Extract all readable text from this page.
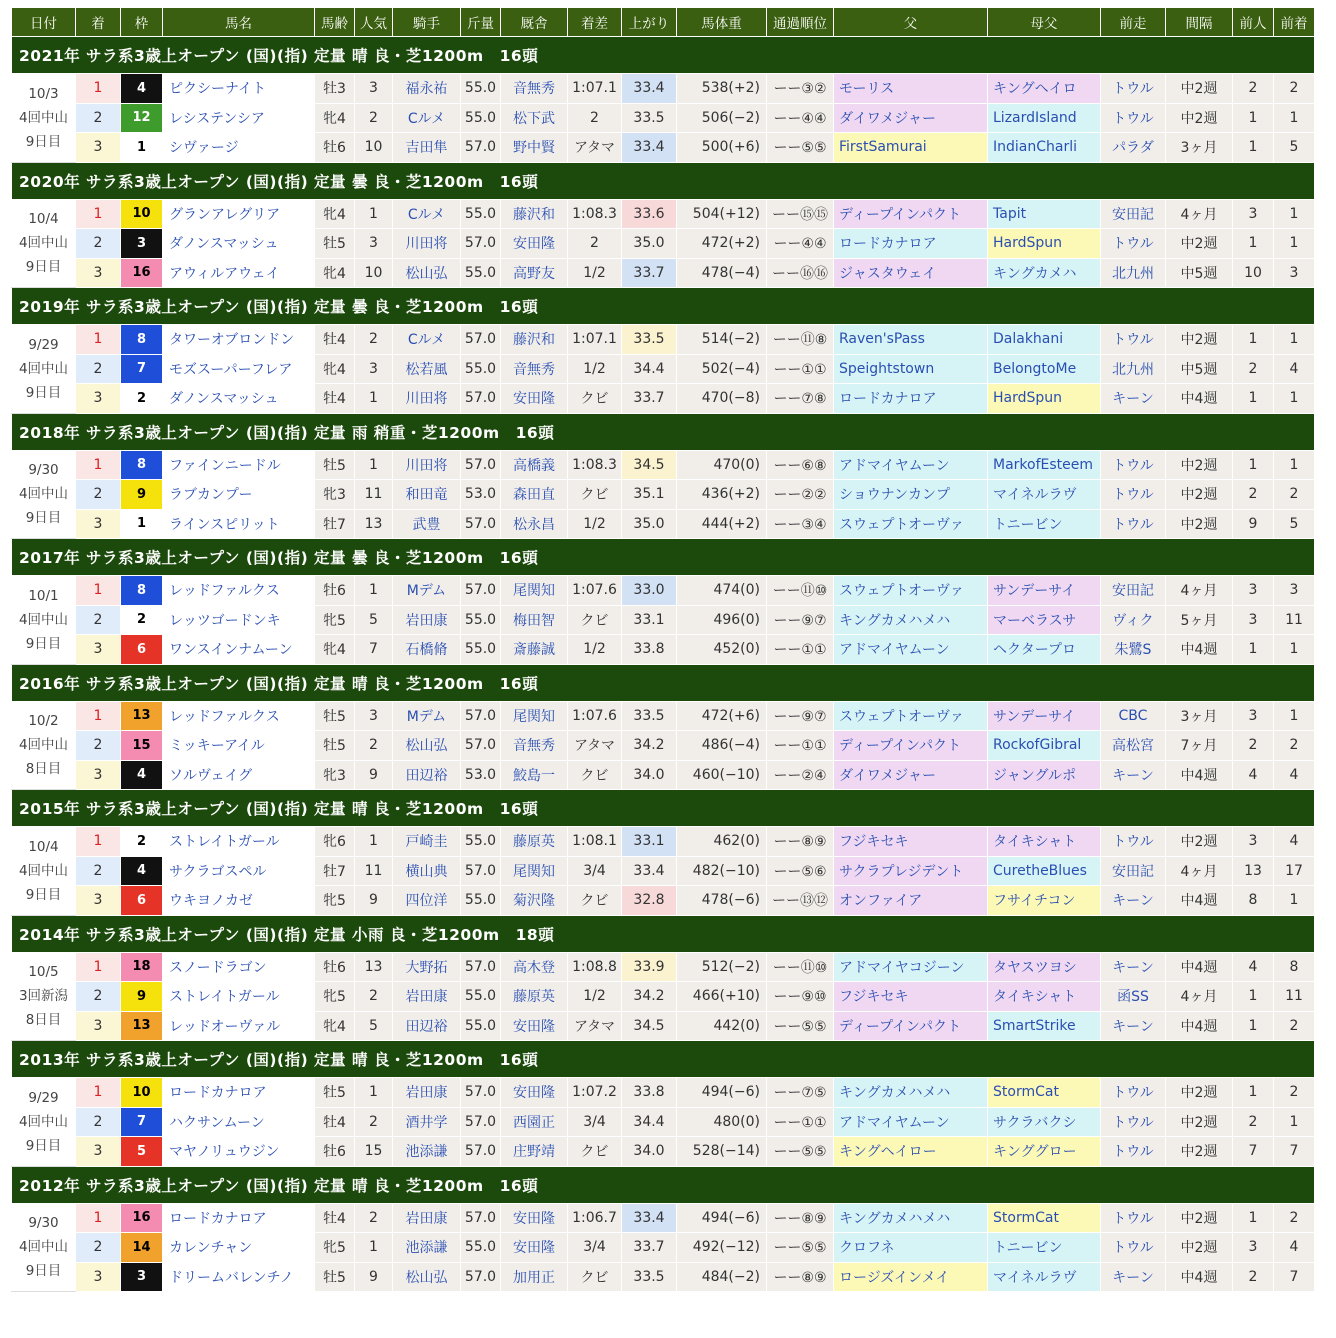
日付	着	枠	馬名	馬齢	人気	騎手	斤量	厩舎	着差	上がり	馬体重	通過順位	父	母父	前走	間隔	前人	前着
2021年 サラ系3歳上オープン (国)(指) 定量 晴 良・芝1200m　16頭																		

10/3
4回中山
9日目	1	4	ピクシーナイト	牡3	3	福永祐	55.0	音無秀	1:07.1	33.4	538(+2)	ーー③②	モーリス	キングヘイロ	トウル	中2週	2	2
	2	12	レシステンシア	牝4	2	Cルメ	55.0	松下武	2	33.5	506(−2)	ーー④④	ダイワメジャー	LizardIsland	トウル	中2週	1	1
	3	1	シヴァージ	牡6	10	吉田隼	57.0	野中賢	アタマ	33.4	500(+6)	ーー⑤⑤	FirstSamurai	IndianCharli	パラダ	3ヶ月	1	5
2020年 サラ系3歳上オープン (国)(指) 定量 曇 良・芝1200m　16頭																		

10/4
4回中山
9日目	1	10	グランアレグリア	牝4	1	Cルメ	55.0	藤沢和	1:08.3	33.6	504(+12)	ーー⑮⑮	ディープインパクト	Tapit	安田記	4ヶ月	3	1
	2	3	ダノンスマッシュ	牡5	3	川田将	57.0	安田隆	2	35.0	472(+2)	ーー④④	ロードカナロア	HardSpun	トウル	中2週	1	1
	3	16	アウィルアウェイ	牝4	10	松山弘	55.0	高野友	1/2	33.7	478(−4)	ーー⑯⑯	ジャスタウェイ	キングカメハ	北九州	中5週	10	3
2019年 サラ系3歳上オープン (国)(指) 定量 曇 良・芝1200m　16頭																		

9/29
4回中山
9日目	1	8	タワーオブロンドン	牡4	2	Cルメ	57.0	藤沢和	1:07.1	33.5	514(−2)	ーー⑪⑧	Raven'sPass	Dalakhani	トウル	中2週	1	1
	2	7	モズスーパーフレア	牝4	3	松若風	55.0	音無秀	1/2	34.4	502(−4)	ーー①①	Speightstown	BelongtoMe	北九州	中5週	2	4
	3	2	ダノンスマッシュ	牡4	1	川田将	57.0	安田隆	クビ	33.7	470(−8)	ーー⑦⑧	ロードカナロア	HardSpun	キーン	中4週	1	1
2018年 サラ系3歳上オープン (国)(指) 定量 雨 稍重・芝1200m　16頭																		

9/30
4回中山
9日目	1	8	ファインニードル	牡5	1	川田将	57.0	高橋義	1:08.3	34.5	470(0)	ーー⑥⑧	アドマイヤムーン	MarkofEsteem	トウル	中2週	1	1
	2	9	ラブカンプー	牝3	11	和田竜	53.0	森田直	クビ	35.1	436(+2)	ーー②②	ショウナンカンプ	マイネルラヴ	トウル	中2週	2	2
	3	1	ラインスピリット	牡7	13	武豊	57.0	松永昌	1/2	35.0	444(+2)	ーー③④	スウェプトオーヴァ	トニービン	トウル	中2週	9	5
2017年 サラ系3歳上オープン (国)(指) 定量 曇 良・芝1200m　16頭																		

10/1
4回中山
9日目	1	8	レッドファルクス	牡6	1	Mデム	57.0	尾関知	1:07.6	33.0	474(0)	ーー⑪⑩	スウェプトオーヴァ	サンデーサイ	安田記	4ヶ月	3	3
	2	2	レッツゴードンキ	牝5	5	岩田康	55.0	梅田智	クビ	33.1	496(0)	ーー⑨⑦	キングカメハメハ	マーベラスサ	ヴィク	5ヶ月	3	11
	3	6	ワンスインナムーン	牝4	7	石橋脩	55.0	斎藤誠	1/2	33.8	452(0)	ーー①①	アドマイヤムーン	ヘクタープロ	朱鷺S	中4週	1	1
2016年 サラ系3歳上オープン (国)(指) 定量 晴 良・芝1200m　16頭																		

10/2
4回中山
8日目	1	13	レッドファルクス	牡5	3	Mデム	57.0	尾関知	1:07.6	33.5	472(+6)	ーー⑨⑦	スウェプトオーヴァ	サンデーサイ	CBC	3ヶ月	3	1
	2	15	ミッキーアイル	牡5	2	松山弘	57.0	音無秀	アタマ	34.2	486(−4)	ーー①①	ディープインパクト	RockofGibral	高松宮	7ヶ月	2	2
	3	4	ソルヴェイグ	牝3	9	田辺裕	53.0	鮫島一	クビ	34.0	460(−10)	ーー②④	ダイワメジャー	ジャングルポ	キーン	中4週	4	4
2015年 サラ系3歳上オープン (国)(指) 定量 晴 良・芝1200m　16頭																		

10/4
4回中山
9日目	1	2	ストレイトガール	牝6	1	戸崎圭	55.0	藤原英	1:08.1	33.1	462(0)	ーー⑧⑨	フジキセキ	タイキシャト	トウル	中2週	3	4
	2	4	サクラゴスペル	牡7	11	横山典	57.0	尾関知	3/4	33.4	482(−10)	ーー⑤⑥	サクラプレジデント	CuretheBlues	安田記	4ヶ月	13	17
	3	6	ウキヨノカゼ	牝5	9	四位洋	55.0	菊沢隆	クビ	32.8	478(−6)	ーー⑬⑫	オンファイア	フサイチコン	キーン	中4週	8	1
2014年 サラ系3歳上オープン (国)(指) 定量 小雨 良・芝1200m　18頭																		

10/5
3回新潟
8日目	1	18	スノードラゴン	牡6	13	大野拓	57.0	高木登	1:08.8	33.9	512(−2)	ーー⑪⑩	アドマイヤコジーン	タヤスツヨシ	キーン	中4週	4	8
	2	9	ストレイトガール	牝5	2	岩田康	55.0	藤原英	1/2	34.2	466(+10)	ーー⑨⑩	フジキセキ	タイキシャト	函SS	4ヶ月	1	11
	3	13	レッドオーヴァル	牝4	5	田辺裕	55.0	安田隆	アタマ	34.5	442(0)	ーー⑤⑤	ディープインパクト	SmartStrike	キーン	中4週	1	2
2013年 サラ系3歳上オープン (国)(指) 定量 晴 良・芝1200m　16頭																		

9/29
4回中山
9日目	1	10	ロードカナロア	牡5	1	岩田康	57.0	安田隆	1:07.2	33.8	494(−6)	ーー⑦⑤	キングカメハメハ	StormCat	トウル	中2週	1	2
	2	7	ハクサンムーン	牡4	2	酒井学	57.0	西園正	3/4	34.4	480(0)	ーー①①	アドマイヤムーン	サクラバクシ	トウル	中2週	2	1
	3	5	マヤノリュウジン	牡6	15	池添謙	57.0	庄野靖	クビ	34.0	528(−14)	ーー⑤⑤	キングヘイロー	キンググロー	トウル	中2週	7	7
2012年 サラ系3歳上オープン (国)(指) 定量 晴 良・芝1200m　16頭																		

9/30
4回中山
9日目	1	16	ロードカナロア	牡4	2	岩田康	57.0	安田隆	1:06.7	33.4	494(−6)	ーー⑧⑨	キングカメハメハ	StormCat	トウル	中2週	1	2
	2	14	カレンチャン	牝5	1	池添謙	55.0	安田隆	3/4	33.7	492(−12)	ーー⑤⑤	クロフネ	トニービン	トウル	中2週	3	4
	3	3	ドリームバレンチノ	牡5	9	松山弘	57.0	加用正	クビ	33.5	484(−2)	ーー⑧⑨	ロージズインメイ	マイネルラヴ	キーン	中4週	2	7
